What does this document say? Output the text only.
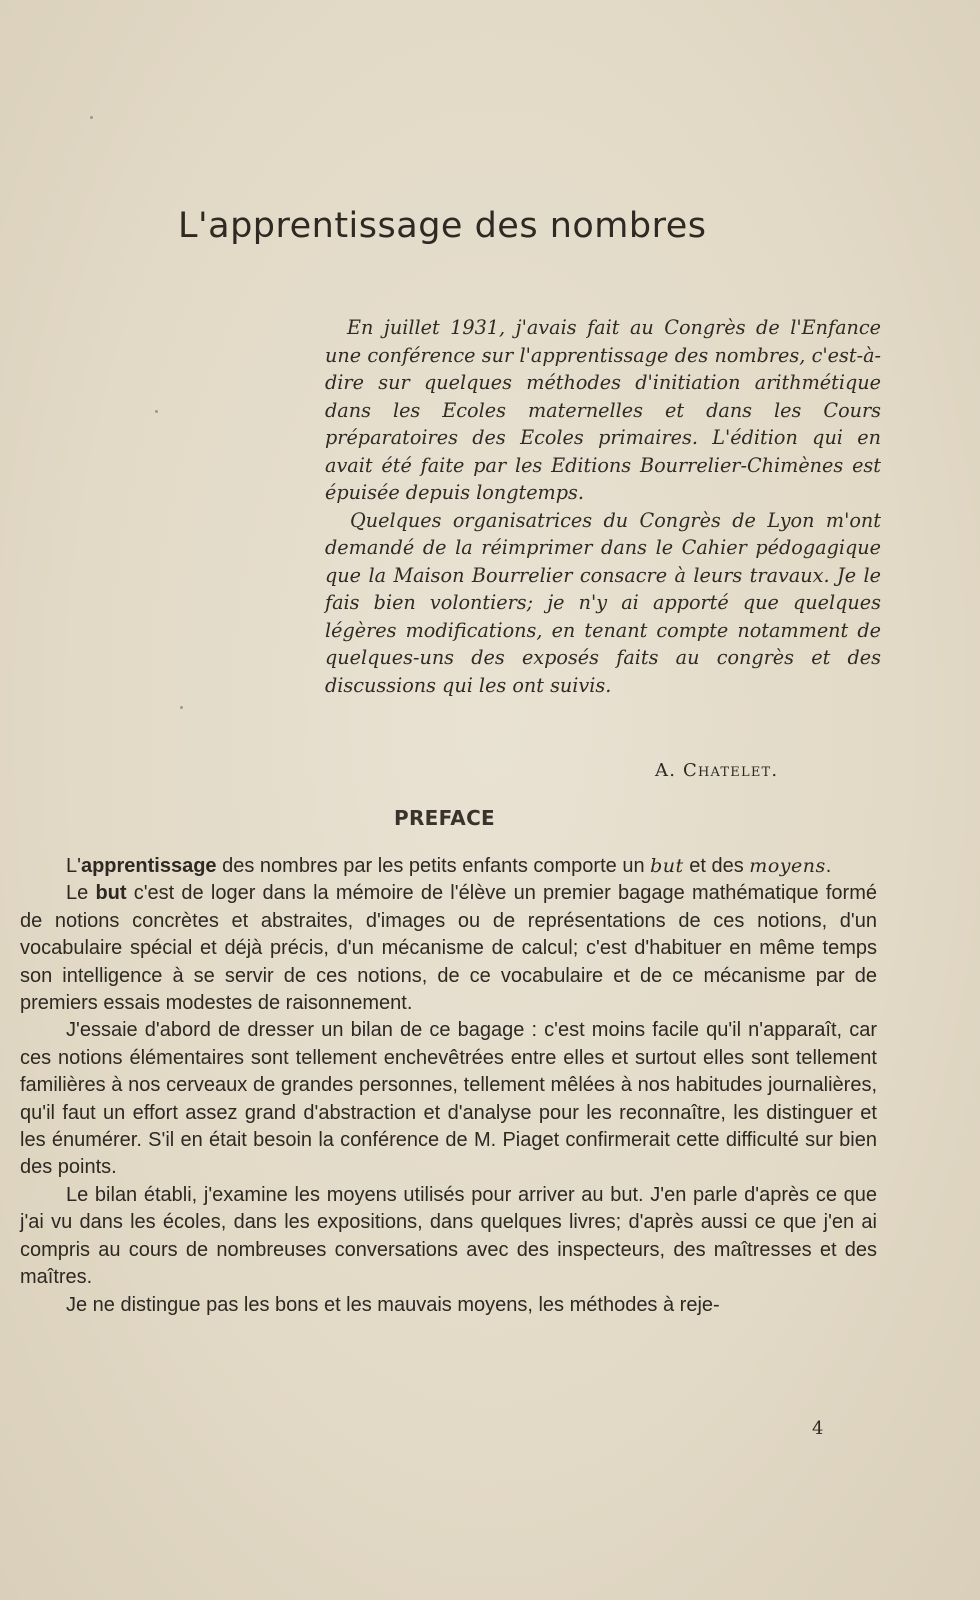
L'apprentissage des nombres

En juillet 1931, j'avais fait au Congrès de l'Enfance une conférence sur l'apprentissage des nombres, c'est-à-dire sur quelques méthodes d'initiation arithmétique dans les Ecoles maternelles et dans les Cours préparatoires des Ecoles primaires. L'édition qui en avait été faite par les Editions Bourrelier-Chimènes est épuisée depuis longtemps.

Quelques organisatrices du Congrès de Lyon m'ont demandé de la réimprimer dans le Cahier pédogagique que la Maison Bourrelier consacre à leurs travaux. Je le fais bien volontiers; je n'y ai apporté que quelques légères modifications, en tenant compte notamment de quelques-uns des exposés faits au congrès et des discussions qui les ont suivis.

A. Chatelet.
PREFACE

L'apprentissage des nombres par les petits enfants comporte un but et des moyens.

Le but c'est de loger dans la mémoire de l'élève un premier bagage mathématique formé de notions concrètes et abstraites, d'images ou de représentations de ces notions, d'un vocabulaire spécial et déjà précis, d'un mécanisme de calcul; c'est d'habituer en même temps son intelligence à se servir de ces notions, de ce vocabulaire et de ce mécanisme par de premiers essais modestes de raisonnement.

J'essaie d'abord de dresser un bilan de ce bagage : c'est moins facile qu'il n'apparaît, car ces notions élémentaires sont tellement enchevêtrées entre elles et surtout elles sont tellement familières à nos cerveaux de grandes personnes, tellement mêlées à nos habitudes journalières, qu'il faut un effort assez grand d'abstraction et d'analyse pour les reconnaître, les distinguer et les énumérer. S'il en était besoin la conférence de M. Piaget confirmerait cette difficulté sur bien des points.

Le bilan établi, j'examine les moyens utilisés pour arriver au but. J'en parle d'après ce que j'ai vu dans les écoles, dans les expositions, dans quelques livres; d'après aussi ce que j'en ai compris au cours de nombreuses conversations avec des inspecteurs, des maîtresses et des maîtres.

Je ne distingue pas les bons et les mauvais moyens, les méthodes à reje-

4
